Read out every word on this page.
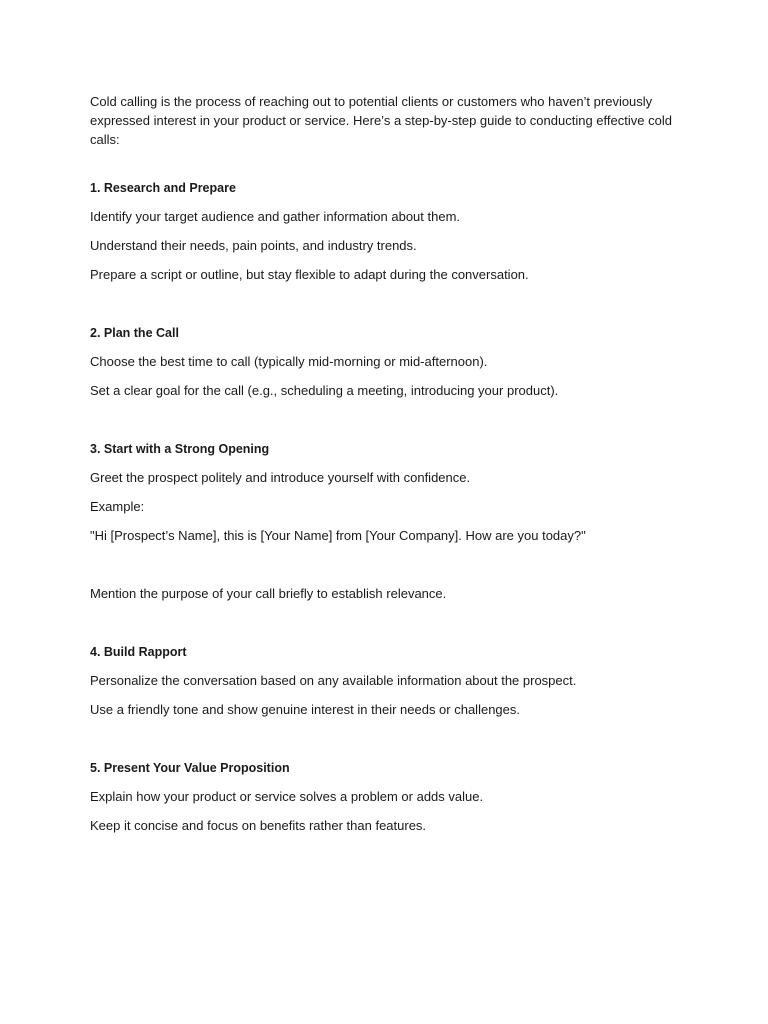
Cold calling is the process of reaching out to potential clients or customers who haven’t previously expressed interest in your product or service. Here’s a step-by-step guide to conducting effective cold calls:

1. Research and Prepare

Identify your target audience and gather information about them.

Understand their needs, pain points, and industry trends.

Prepare a script or outline, but stay flexible to adapt during the conversation.

2. Plan the Call

Choose the best time to call (typically mid-morning or mid-afternoon).

Set a clear goal for the call (e.g., scheduling a meeting, introducing your product).

3. Start with a Strong Opening

Greet the prospect politely and introduce yourself with confidence.

Example:

"Hi [Prospect’s Name], this is [Your Name] from [Your Company]. How are you today?"

Mention the purpose of your call briefly to establish relevance.

4. Build Rapport

Personalize the conversation based on any available information about the prospect.

Use a friendly tone and show genuine interest in their needs or challenges.

5. Present Your Value Proposition

Explain how your product or service solves a problem or adds value.

Keep it concise and focus on benefits rather than features.
